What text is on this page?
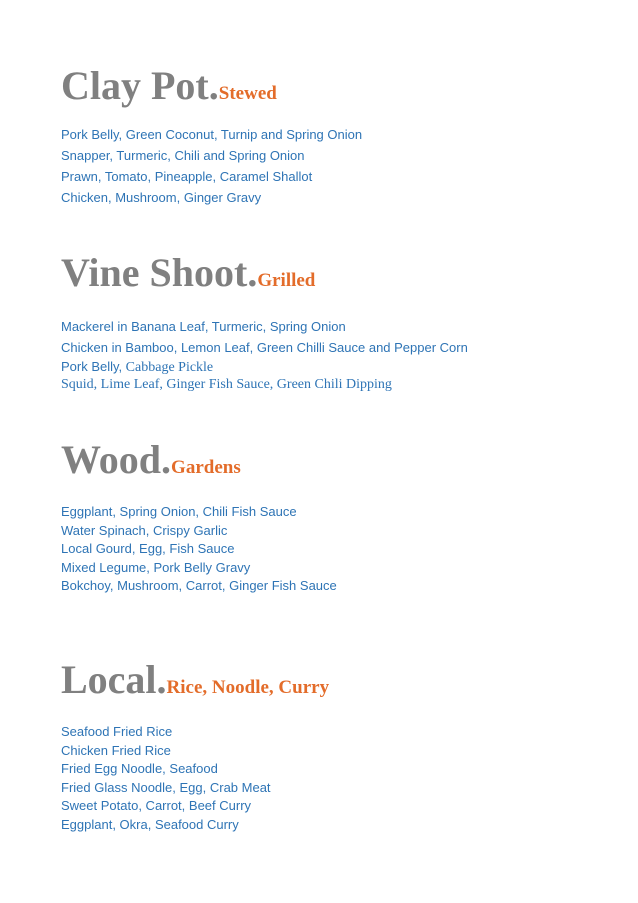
Clay Pot.Stewed
Pork Belly, Green Coconut, Turnip and Spring Onion
Snapper, Turmeric, Chili and Spring Onion
Prawn, Tomato, Pineapple, Caramel Shallot
Chicken, Mushroom, Ginger Gravy
Vine Shoot.Grilled
Mackerel in Banana Leaf, Turmeric, Spring Onion
Chicken in Bamboo, Lemon Leaf, Green Chilli Sauce and Pepper Corn
Pork Belly, Cabbage Pickle
Squid, Lime Leaf, Ginger Fish Sauce, Green Chili Dipping
Wood.Gardens
Eggplant, Spring Onion, Chili Fish Sauce
Water Spinach, Crispy Garlic
Local Gourd, Egg, Fish Sauce
Mixed Legume, Pork Belly Gravy
Bokchoy, Mushroom, Carrot, Ginger Fish Sauce
Local.Rice, Noodle, Curry
Seafood Fried Rice
Chicken Fried Rice
Fried Egg Noodle, Seafood
Fried Glass Noodle, Egg, Crab Meat
Sweet Potato, Carrot, Beef Curry
Eggplant, Okra, Seafood Curry
